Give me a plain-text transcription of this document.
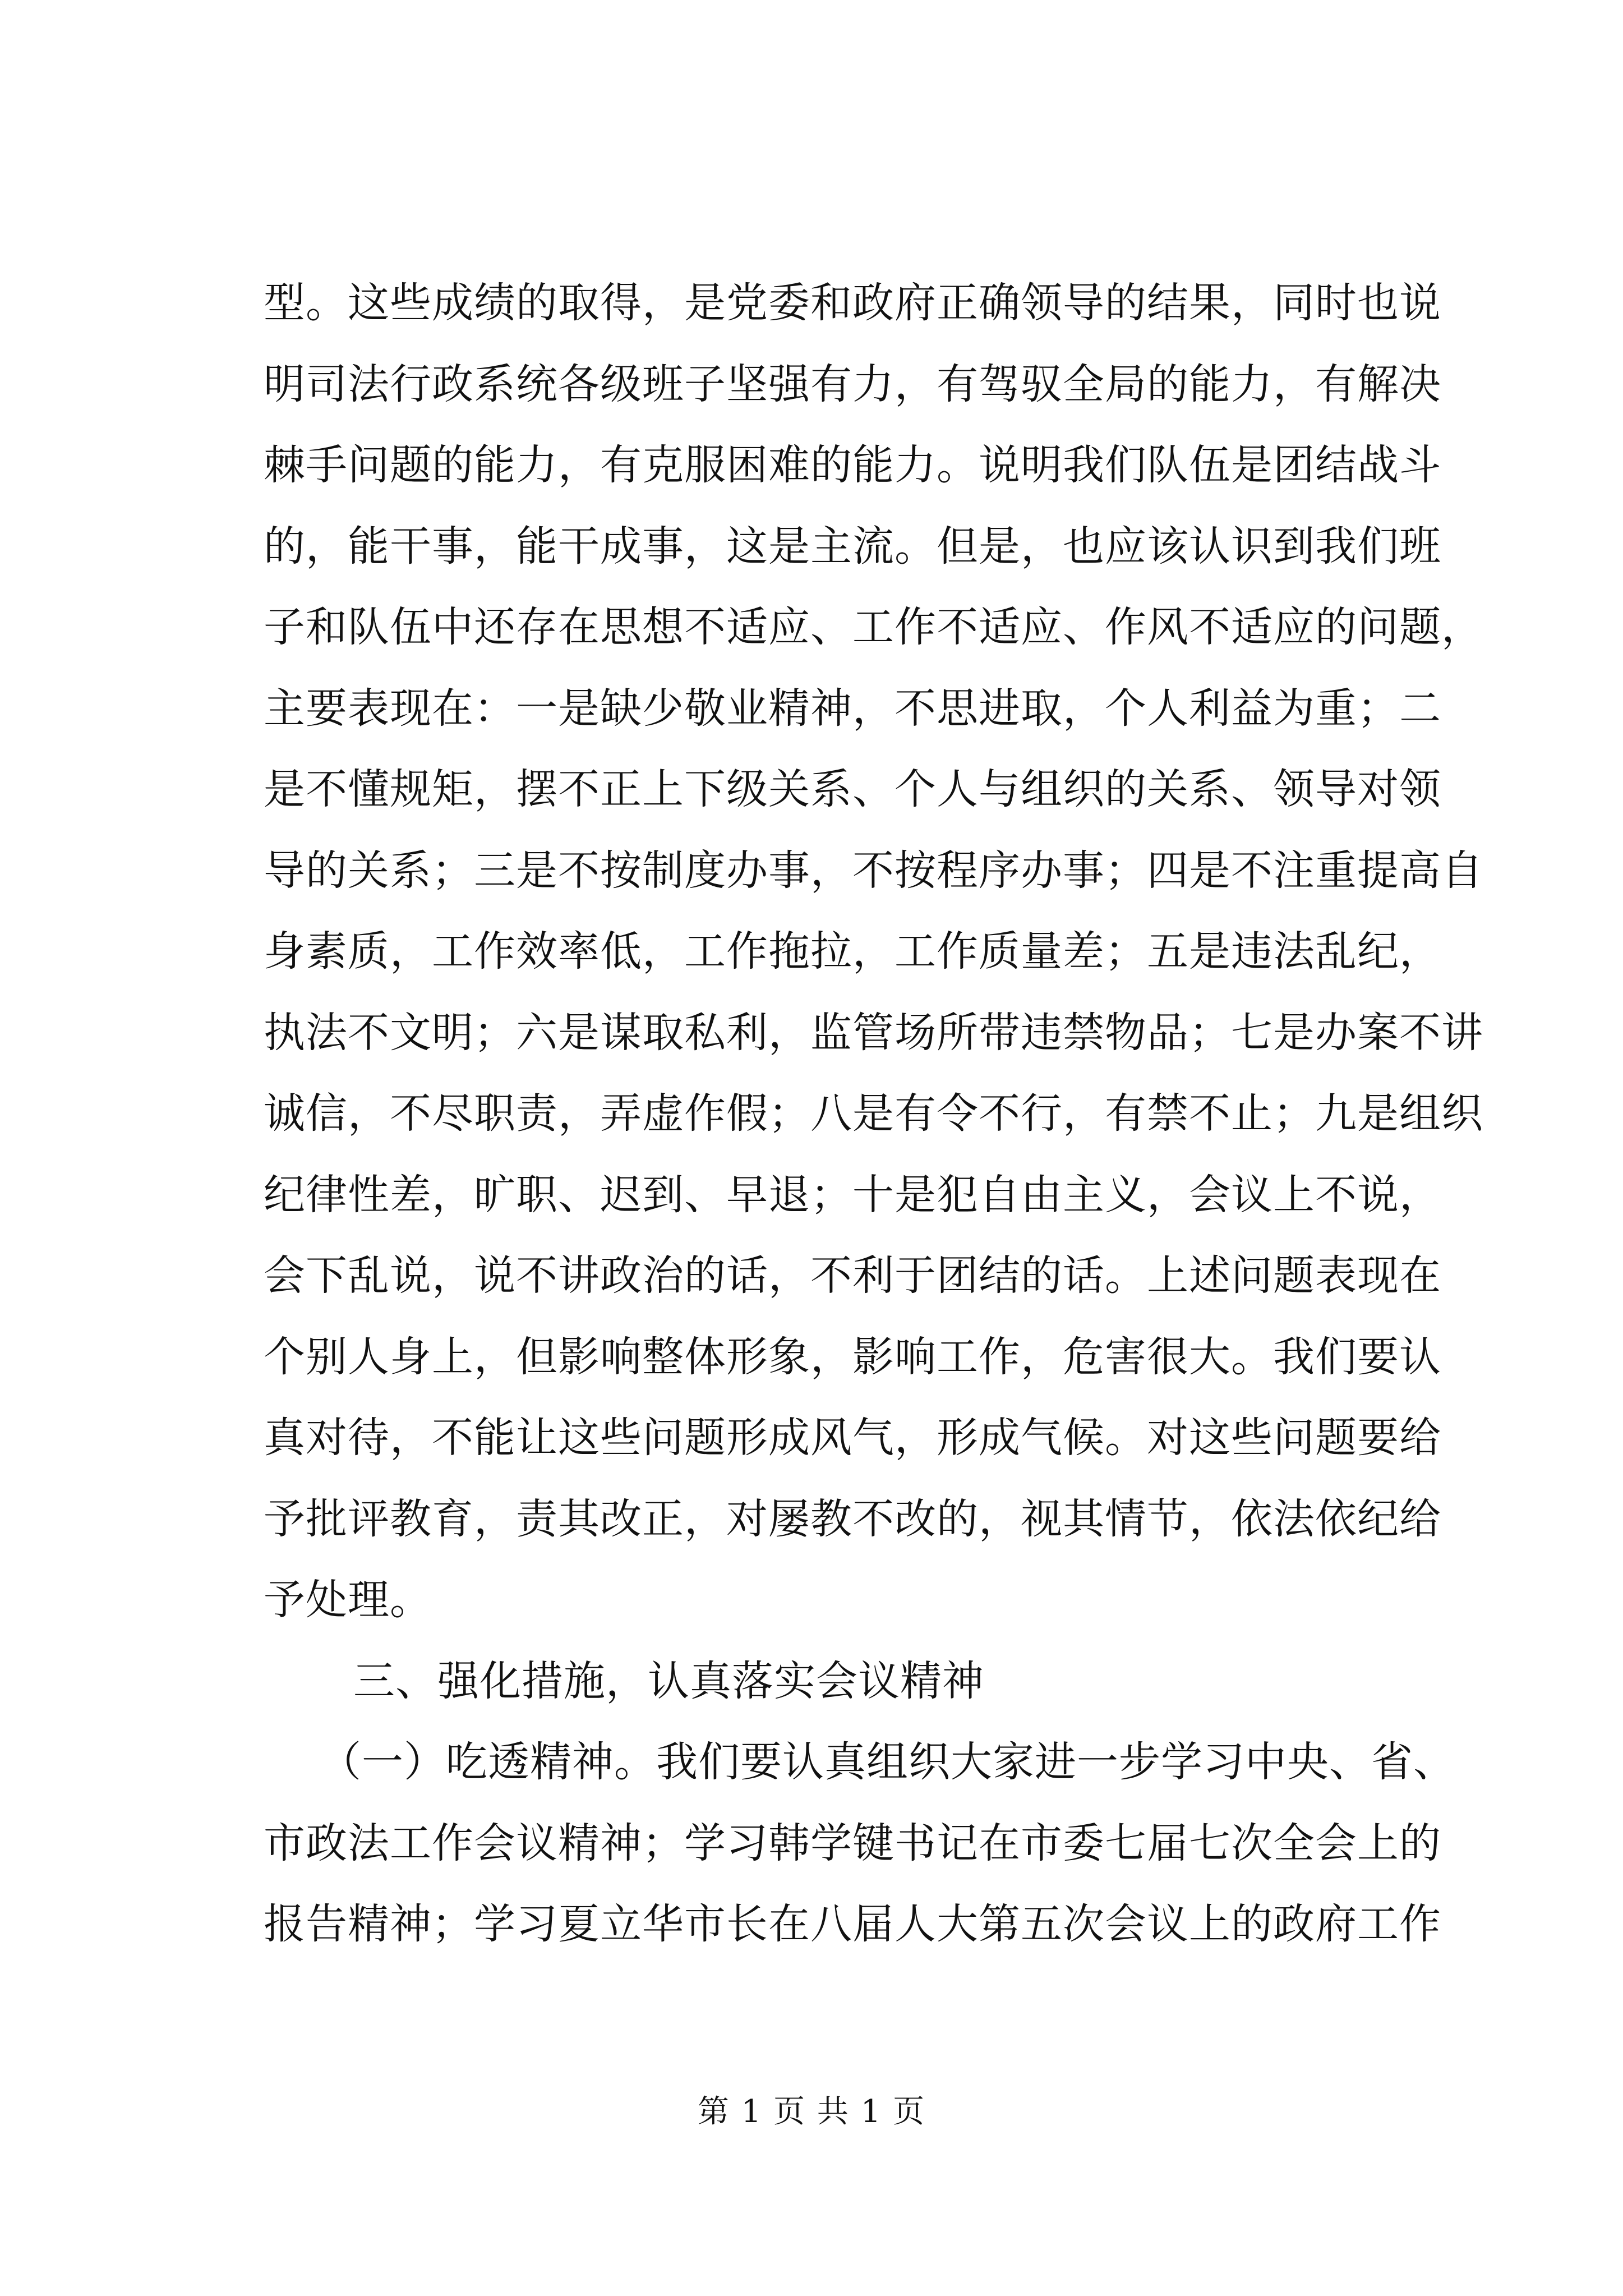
型。这些成绩的取得，是党委和政府正确领导的结果，同时也说
明司法行政系统各级班子坚强有力，有驾驭全局的能力，有解决
棘手问题的能力，有克服困难的能力。说明我们队伍是团结战斗
的，能干事，能干成事，这是主流。但是，也应该认识到我们班
子和队伍中还存在思想不适应、工作不适应、作风不适应的问题，
主要表现在：一是缺少敬业精神，不思进取，个人利益为重；二
是不懂规矩，摆不正上下级关系、个人与组织的关系、领导对领
导的关系；三是不按制度办事，不按程序办事；四是不注重提高自
身素质，工作效率低，工作拖拉，工作质量差；五是违法乱纪，
执法不文明；六是谋取私利，监管场所带违禁物品；七是办案不讲
诚信，不尽职责，弄虚作假；八是有令不行，有禁不止；九是组织
纪律性差，旷职、迟到、早退；十是犯自由主义，会议上不说，
会下乱说，说不讲政治的话，不利于团结的话。上述问题表现在
个别人身上，但影响整体形象，影响工作，危害很大。我们要认
真对待，不能让这些问题形成风气，形成气候。对这些问题要给
予批评教育，责其改正，对屡教不改的，视其情节，依法依纪给
予处理。
三、强化措施，认真落实会议精神
（一）吃透精神。我们要认真组织大家进一步学习中央、省、
市政法工作会议精神；学习韩学键书记在市委七届七次全会上的
报告精神；学习夏立华市长在八届人大第五次会议上的政府工作
第 1 页 共 1 页
